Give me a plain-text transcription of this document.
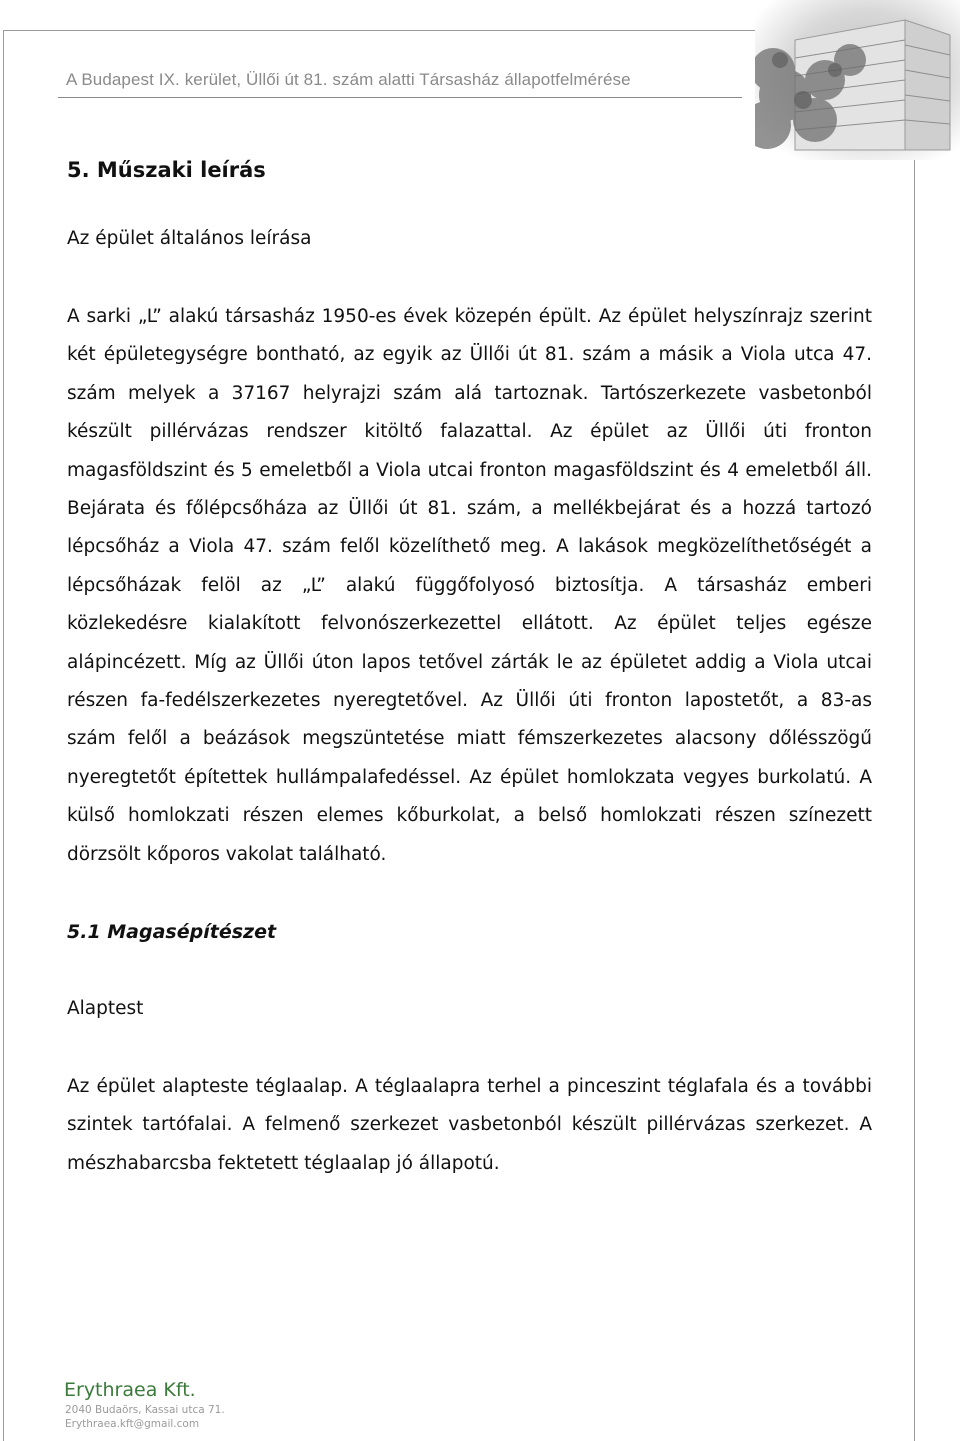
A Budapest IX. kerület, Üllői út 81. szám alatti Társasház állapotfelmérése
5. Műszaki leírás
Az épület általános leírása
A sarki „L” alakú társasház 1950-es évek közepén épült. Az épület helyszínrajz szerint
két épületegységre bontható, az egyik az Üllői út 81. szám a másik a Viola utca 47.
szám melyek a 37167 helyrajzi szám alá tartoznak. Tartószerkezete vasbetonból
készült pillérvázas rendszer kitöltő falazattal. Az épület az Üllői úti fronton
magasföldszint és 5 emeletből a Viola utcai fronton magasföldszint és 4 emeletből áll.
Bejárata és főlépcsőháza az Üllői út 81. szám, a mellékbejárat és a hozzá tartozó
lépcsőház a Viola 47. szám felől közelíthető meg. A lakások megközelíthetőségét a
lépcsőházak felöl az „L” alakú függőfolyosó biztosítja. A társasház emberi
közlekedésre kialakított felvonószerkezettel ellátott. Az épület teljes egésze
alápincézett. Míg az Üllői úton lapos tetővel zárták le az épületet addig a Viola utcai
részen fa-fedélszerkezetes nyeregtetővel. Az Üllői úti fronton lapostetőt, a 83-as
szám felől a beázások megszüntetése miatt fémszerkezetes alacsony dőlésszögű
nyeregtetőt építettek hullámpalafedéssel. Az épület homlokzata vegyes burkolatú. A
külső homlokzati részen elemes kőburkolat, a belső homlokzati részen színezett
dörzsölt kőporos vakolat található.
5.1 Magasépítészet
Alaptest
Az épület alapteste téglaalap. A téglaalapra terhel a pinceszint téglafala és a további
szintek tartófalai. A felmenő szerkezet vasbetonból készült pillérvázas szerkezet. A
mészhabarcsba fektetett téglaalap jó állapotú.
Erythraea Kft.
2040 Budaörs, Kassai utca 71.
Erythraea.kft@gmail.com
